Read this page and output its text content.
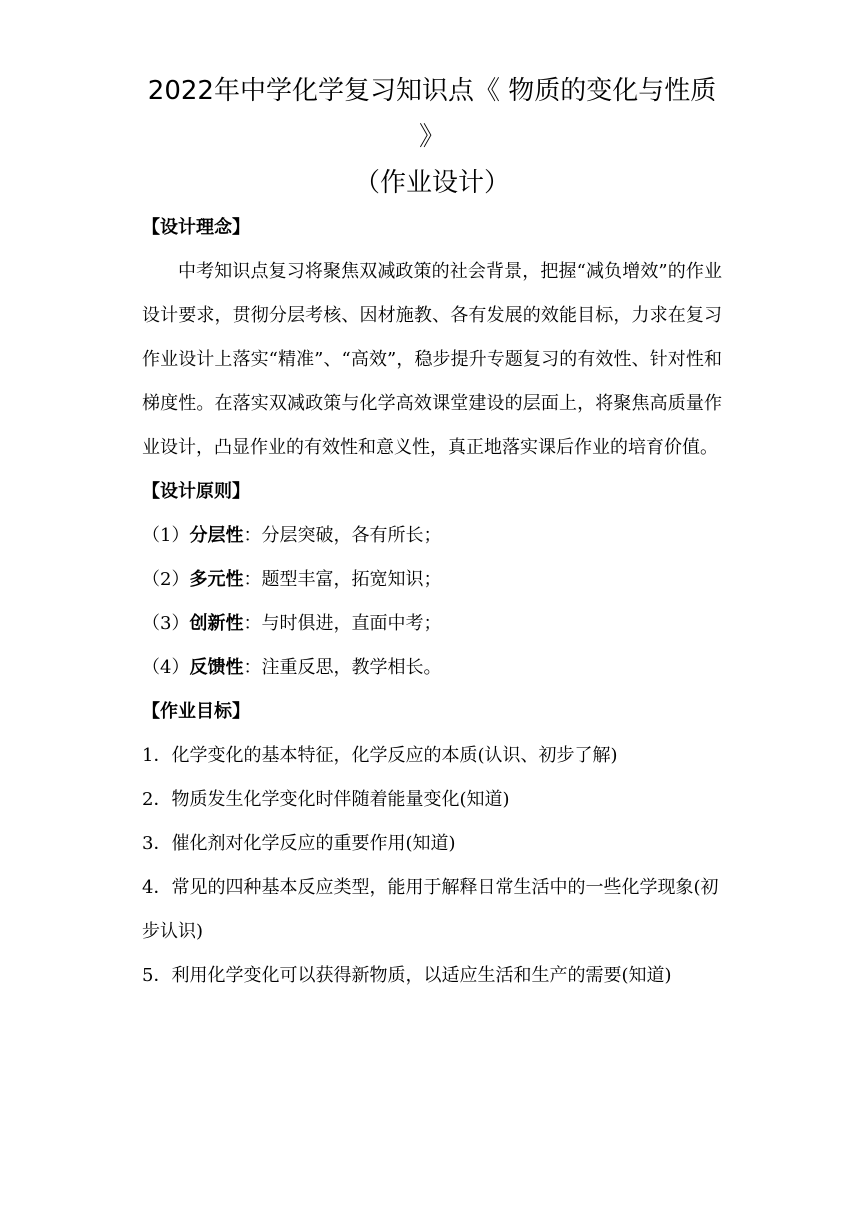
2022年中学化学复习知识点《 物质的变化与性质 》
（作业设计）
【设计理念】

中考知识点复习将聚焦双减政策的社会背景，把握“减负增效”的作业设计要求，贯彻分层考核、因材施教、各有发展的效能目标，力求在复习作业设计上落实“精准”、“高效”，稳步提升专题复习的有效性、针对性和梯度性。在落实双减政策与化学高效课堂建设的层面上，将聚焦高质量作业设计，凸显作业的有效性和意义性，真正地落实课后作业的培育价值。

【设计原则】
（1）分层性：分层突破，各有所长；
（2）多元性：题型丰富，拓宽知识；
（3）创新性：与时俱进，直面中考；
（4）反馈性：注重反思，教学相长。
【作业目标】
1．化学变化的基本特征，化学反应的本质(认识、初步了解)
2．物质发生化学变化时伴随着能量变化(知道)
3．催化剂对化学反应的重要作用(知道)
4．常见的四种基本反应类型，能用于解释日常生活中的一些化学现象(初步认识)
5．利用化学变化可以获得新物质，以适应生活和生产的需要(知道)
